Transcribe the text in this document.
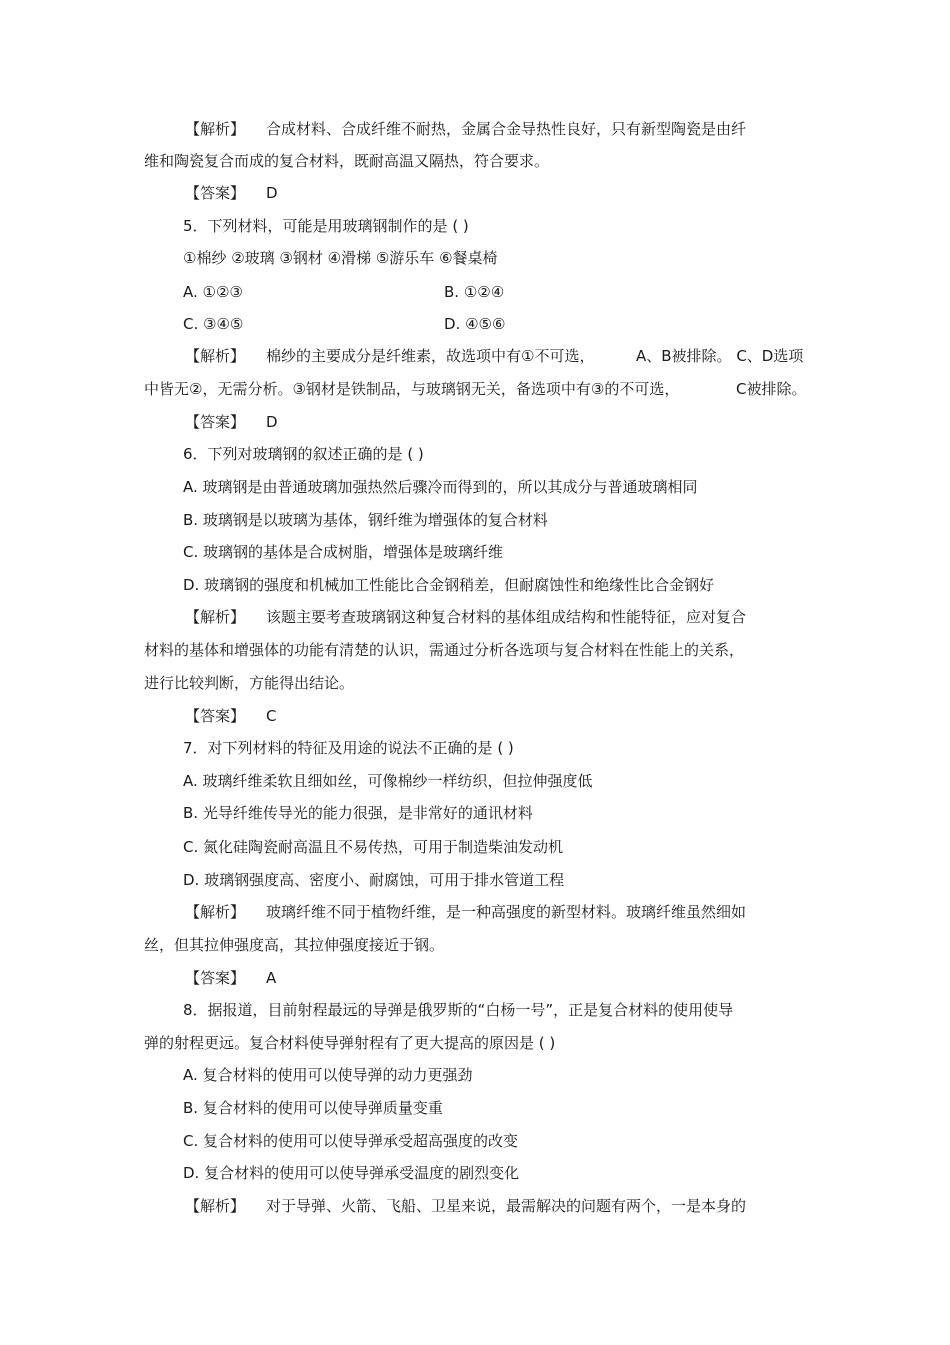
【解析】 合成材料、合成纤维不耐热，金属合金导热性良好，只有新型陶瓷是由纤
维和陶瓷复合而成的复合材料，既耐高温又隔热，符合要求。
【答案】 D
5．下列材料，可能是用玻璃钢制作的是 ( )
①棉纱 ②玻璃 ③钢材 ④滑梯 ⑤游乐车 ⑥餐桌椅
A. ①②③	B. ①②④
C. ③④⑤	D. ④⑤⑥
【解析】 棉纱的主要成分是纤维素，故选项中有①不可选，	A、B被排除。 C、D选项
中皆无②，无需分析。③钢材是铁制品，与玻璃钢无关，备选项中有③的不可选，	C被排除。
【答案】 D
6．下列对玻璃钢的叙述正确的是 ( )
A. 玻璃钢是由普通玻璃加强热然后骤冷而得到的，所以其成分与普通玻璃相同
B. 玻璃钢是以玻璃为基体，钢纤维为增强体的复合材料
C. 玻璃钢的基体是合成树脂，增强体是玻璃纤维
D. 玻璃钢的强度和机械加工性能比合金钢稍差，但耐腐蚀性和绝缘性比合金钢好
【解析】 该题主要考查玻璃钢这种复合材料的基体组成结构和性能特征，应对复合
材料的基体和增强体的功能有清楚的认识，需通过分析各选项与复合材料在性能上的关系，
进行比较判断，方能得出结论。
【答案】 C
7．对下列材料的特征及用途的说法不正确的是 ( )
A. 玻璃纤维柔软且细如丝，可像棉纱一样纺织，但拉伸强度低
B. 光导纤维传导光的能力很强，是非常好的通讯材料
C. 氮化硅陶瓷耐高温且不易传热，可用于制造柴油发动机
D. 玻璃钢强度高、密度小、耐腐蚀，可用于排水管道工程
【解析】 玻璃纤维不同于植物纤维，是一种高强度的新型材料。玻璃纤维虽然细如
丝，但其拉伸强度高，其拉伸强度接近于钢。
【答案】 A
8．据报道，目前射程最远的导弹是俄罗斯的“白杨一号”，正是复合材料的使用使导
弹的射程更远。复合材料使导弹射程有了更大提高的原因是 ( )
A. 复合材料的使用可以使导弹的动力更强劲
B. 复合材料的使用可以使导弹质量变重
C. 复合材料的使用可以使导弹承受超高强度的改变
D. 复合材料的使用可以使导弹承受温度的剧烈变化
【解析】 对于导弹、火箭、飞船、卫星来说，最需解决的问题有两个，一是本身的
